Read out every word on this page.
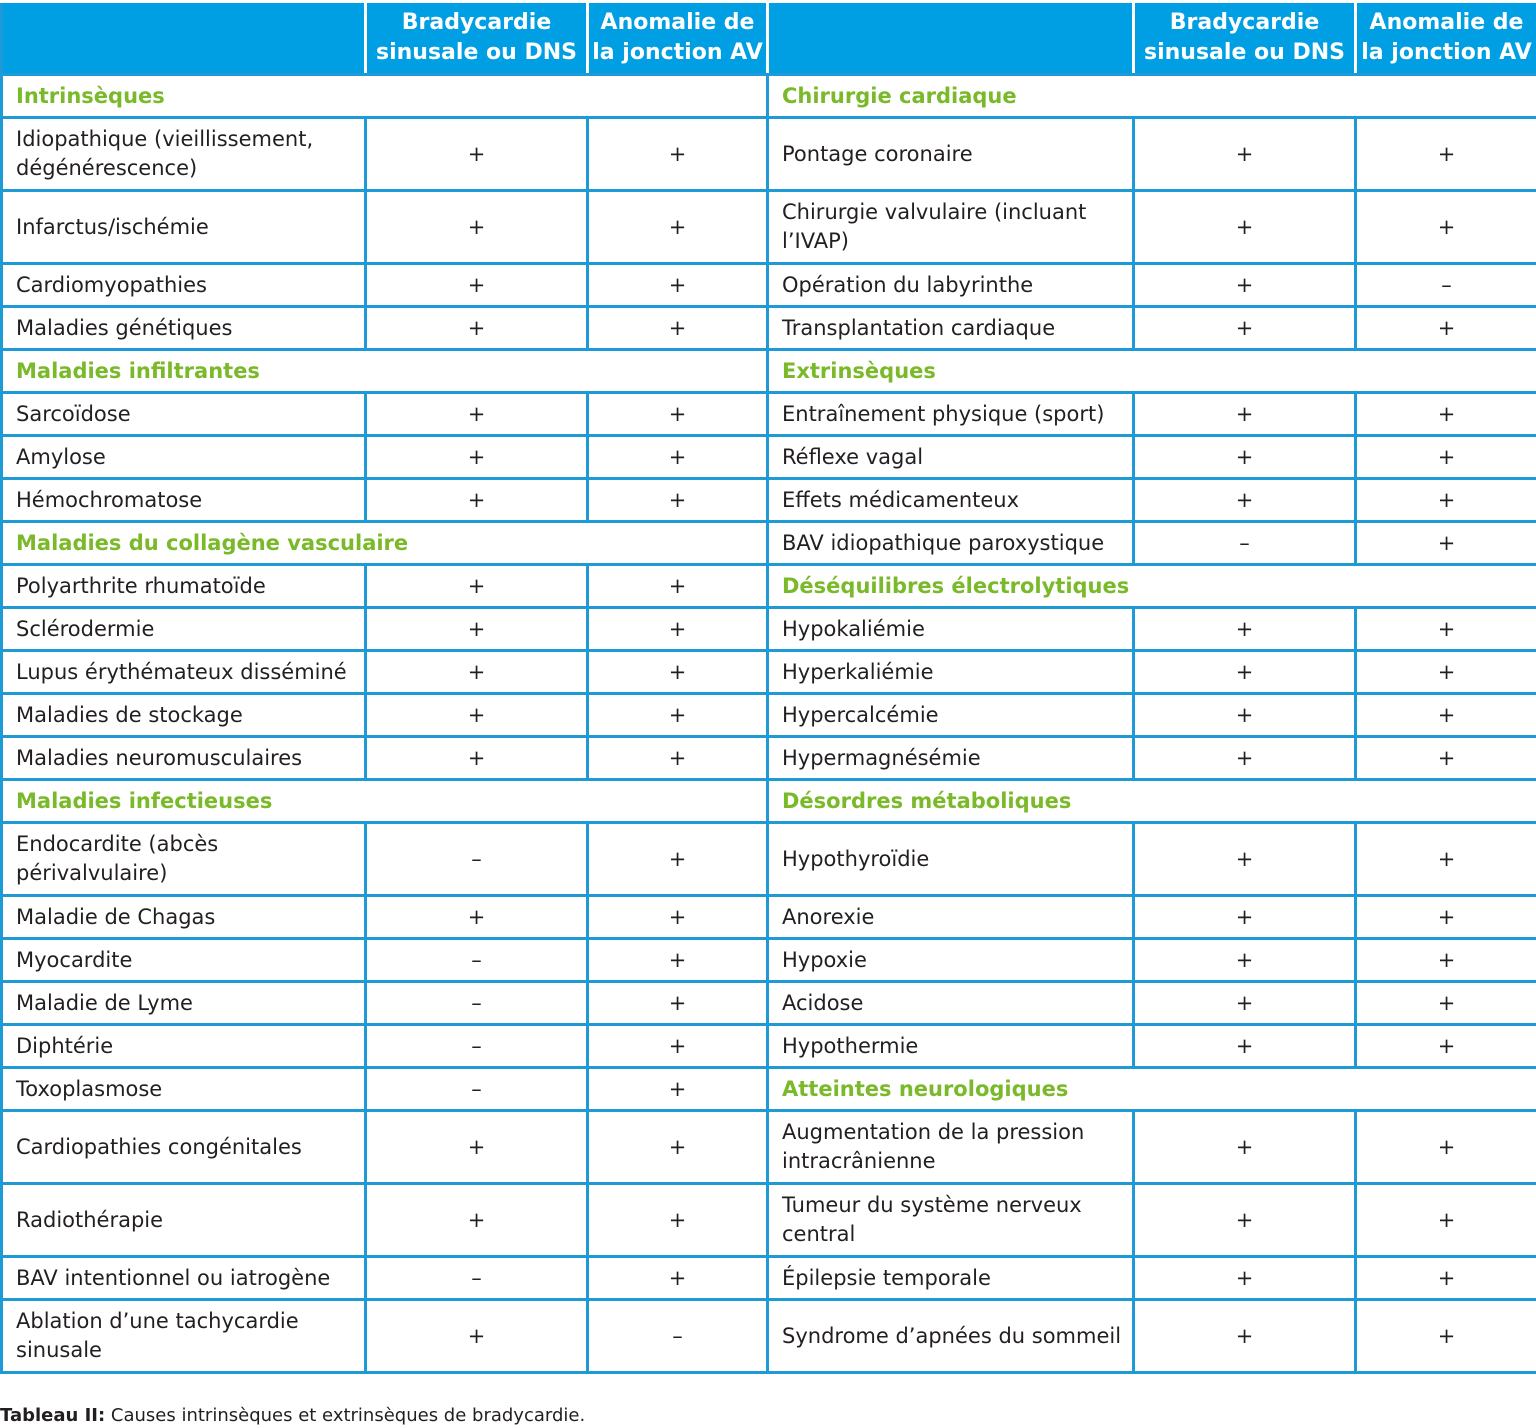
	Bradycardie sinusale ou DNS	Anomalie de la jonction AV		Bradycardie sinusale ou DNS	Anomalie de la jonction AV
Intrinsèques			Chirurgie cardiaque		
Idiopathique (vieillissement, dégénérescence)	+	+	Pontage coronaire	+	+
Infarctus/ischémie	+	+	Chirurgie valvulaire (incluant l’IVAP)	+	+
Cardiomyopathies	+	+	Opération du labyrinthe	+	–
Maladies génétiques	+	+	Transplantation cardiaque	+	+
Maladies infiltrantes			Extrinsèques		
Sarcoïdose	+	+	Entraînement physique (sport)	+	+
Amylose	+	+	Réflexe vagal	+	+
Hémochromatose	+	+	Effets médicamenteux	+	+
Maladies du collagène vasculaire			BAV idiopathique paroxystique	–	+
Polyarthrite rhumatoïde	+	+	Déséquilibres électrolytiques		
Sclérodermie	+	+	Hypokaliémie	+	+
Lupus érythémateux disséminé	+	+	Hyperkaliémie	+	+
Maladies de stockage	+	+	Hypercalcémie	+	+
Maladies neuromusculaires	+	+	Hypermagnésémie	+	+
Maladies infectieuses			Désordres métaboliques		
Endocardite (abcès périvalvulaire)	–	+	Hypothyroïdie	+	+
Maladie de Chagas	+	+	Anorexie	+	+
Myocardite	–	+	Hypoxie	+	+
Maladie de Lyme	–	+	Acidose	+	+
Diphtérie	–	+	Hypothermie	+	+
Toxoplasmose	–	+	Atteintes neurologiques		
Cardiopathies congénitales	+	+	Augmentation de la pression intracrânienne	+	+
Radiothérapie	+	+	Tumeur du système nerveux central	+	+
BAV intentionnel ou iatrogène	–	+	Épilepsie temporale	+	+
Ablation d’une tachycardie sinusale	+	–	Syndrome d’apnées du sommeil	+	+
Tableau II: Causes intrinsèques et extrinsèques de bradycardie.
